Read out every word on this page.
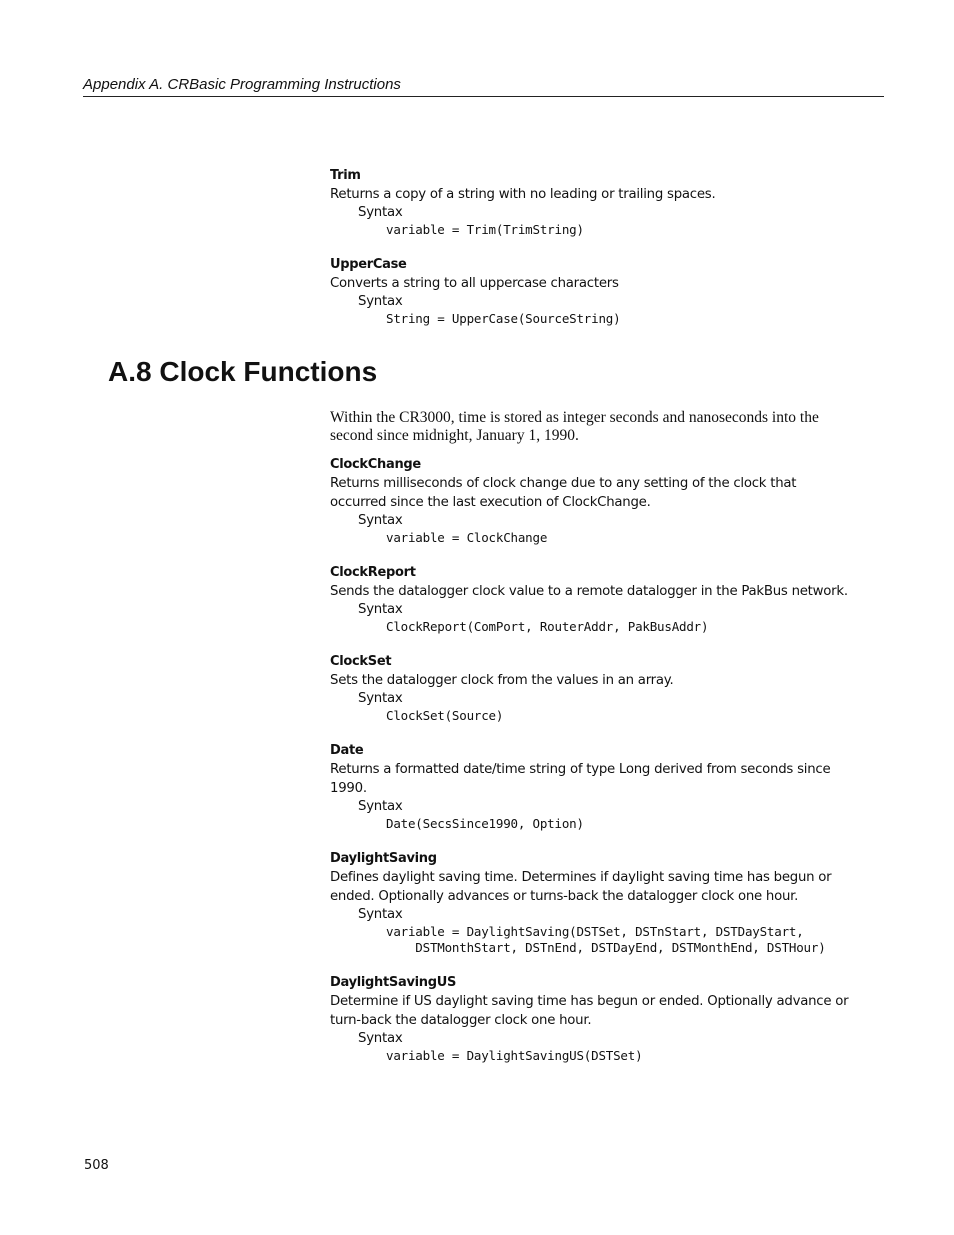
Appendix A. CRBasic Programming Instructions
Trim
Returns a copy of a string with no leading or trailing spaces.
Syntax
variable = Trim(TrimString)
UpperCase
Converts a string to all uppercase characters
Syntax
String = UpperCase(SourceString)
A.8 Clock Functions
Within the CR3000, time is stored as integer seconds and nanoseconds into the second since midnight, January 1, 1990.
ClockChange
Returns milliseconds of clock change due to any setting of the clock that occurred since the last execution of ClockChange.
Syntax
variable = ClockChange
ClockReport
Sends the datalogger clock value to a remote datalogger in the PakBus network.
Syntax
ClockReport(ComPort, RouterAddr, PakBusAddr)
ClockSet
Sets the datalogger clock from the values in an array.
Syntax
ClockSet(Source)
Date
Returns a formatted date/time string of type Long derived from seconds since 1990.
Syntax
Date(SecsSince1990, Option)
DaylightSaving
Defines daylight saving time. Determines if daylight saving time has begun or ended. Optionally advances or turns-back the datalogger clock one hour.
Syntax
variable = DaylightSaving(DSTSet, DSTnStart, DSTDayStart,
DSTMonthStart, DSTnEnd, DSTDayEnd, DSTMonthEnd, DSTHour)
DaylightSavingUS
Determine if US daylight saving time has begun or ended. Optionally advance or turn-back the datalogger clock one hour.
Syntax
variable = DaylightSavingUS(DSTSet)
508
